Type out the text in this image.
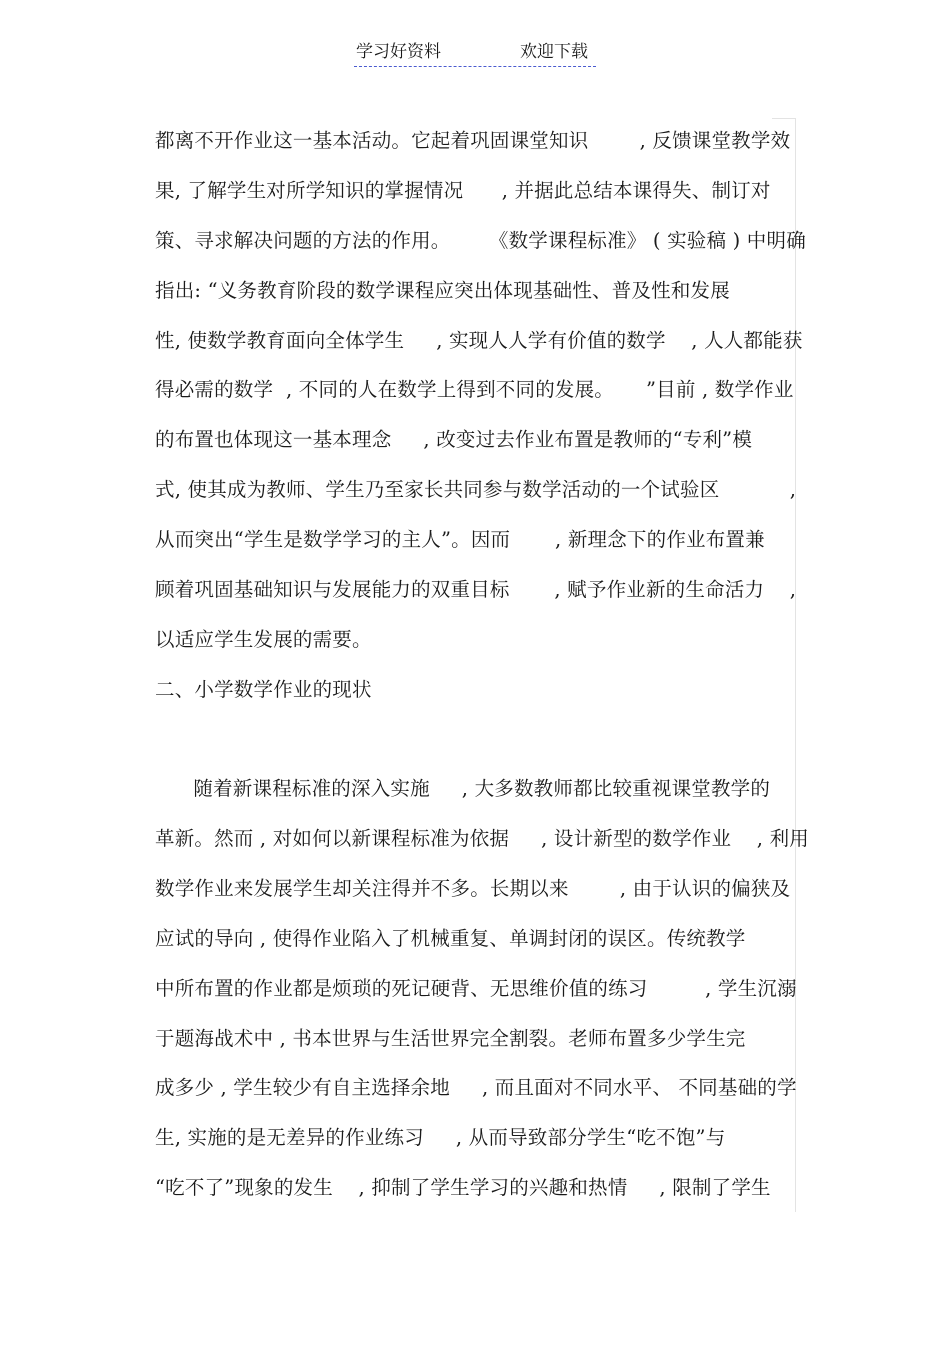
学习好资料	欢迎下载
都离不开作业这一基本活动。它起着巩固课堂知识        , 反馈课堂教学效
果, 了解学生对所学知识的掌握情况      , 并据此总结本课得失、制订对
策、寻求解决问题的方法的作用。      《数学课程标准》 ( 实验稿 ) 中明确
指出: “义务教育阶段的数学课程应突出体现基础性、普及性和发展
性, 使数学教育面向全体学生     , 实现人人学有价值的数学    , 人人都能获
得必需的数学  , 不同的人在数学上得到不同的发展。     ”目前 , 数学作业
的布置也体现这一基本理念     , 改变过去作业布置是教师的“专利”模
式, 使其成为教师、学生乃至家长共同参与数学活动的一个试验区           ,
从而突出“学生是数学学习的主人”。因而       , 新理念下的作业布置兼
顾着巩固基础知识与发展能力的双重目标       , 赋予作业新的生命活力    ,
以适应学生发展的需要。
二、小学数学作业的现状
随着新课程标准的深入实施     , 大多数教师都比较重视课堂教学的
革新。然而 , 对如何以新课程标准为依据     , 设计新型的数学作业    , 利用
数学作业来发展学生却关注得并不多。长期以来        , 由于认识的偏狭及
应试的导向 , 使得作业陷入了机械重复、单调封闭的误区。传统教学
中所布置的作业都是烦琐的死记硬背、无思维价值的练习         , 学生沉溺
于题海战术中 , 书本世界与生活世界完全割裂。老师布置多少学生完
成多少 , 学生较少有自主选择余地     , 而且面对不同水平、 不同基础的学
生, 实施的是无差异的作业练习     , 从而导致部分学生“吃不饱”与
“吃不了”现象的发生    , 抑制了学生学习的兴趣和热情     , 限制了学生
